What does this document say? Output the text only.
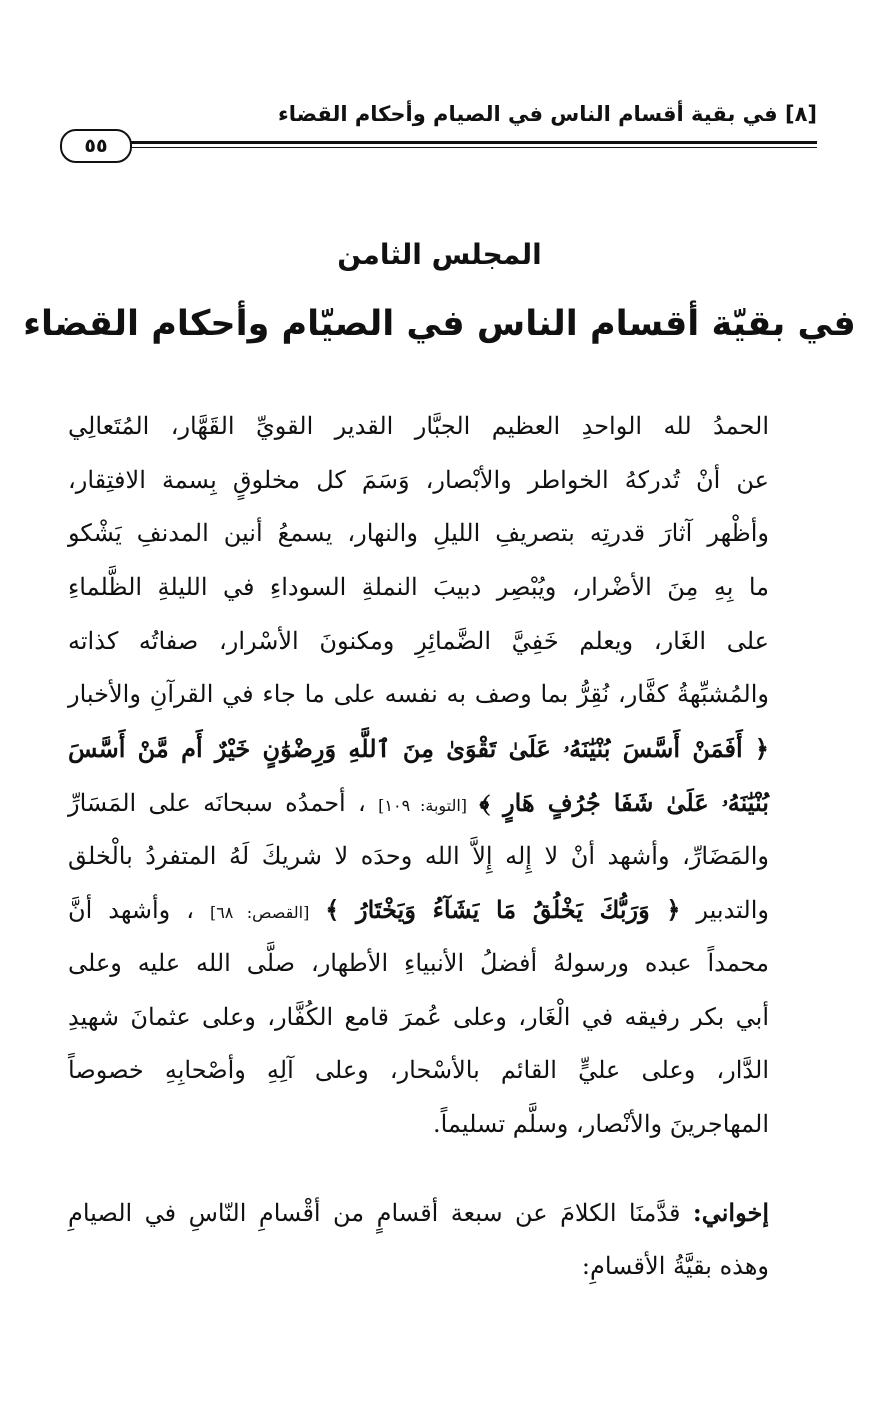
[٨] في بقية أقسام الناس في الصيام وأحكام القضاء
٥٥
المجلس الثامن
في بقيّة أقسام الناس في الصيّام وأحكام القضاء
الحمدُ لله الواحدِ العظيم الجبَّار القدير القويِّ القَهَّار، المُتَعالِي
عن أنْ تُدركهُ الخواطر والأبْصار، وَسَمَ كل مخلوقٍ بِسمة الافتِقار،
وأظْهر آثارَ قدرتِه بتصريفِ الليلِ والنهار، يسمعُ أنين المدنفِ يَشْكو
ما بِهِ مِنَ الأضْرار، ويُبْصِر دبيبَ النملةِ السوداءِ في الليلةِ الظَّلماءِ
على الغَار، ويعلم خَفِيَّ الضَّمائِرِ ومكنونَ الأسْرار، صفاتُه كذاته
والمُشبِّهةُ كفَّار، نُقِرُّ بما وصف به نفسه على ما جاء في القرآنِ والأخبار
﴿ أَفَمَنْ أَسَّسَ بُنْيَٰنَهُۥ عَلَىٰ تَقْوَىٰ مِنَ ٱللَّهِ وَرِضْوَٰنٍ خَيْرٌ أَم مَّنْ أَسَّسَ
بُنْيَٰنَهُۥ عَلَىٰ شَفَا جُرُفٍ هَارٍ ﴾ [التوبة: ١٠٩] ، أحمدُه سبحانَه على المَسَارِّ
والمَضَارِّ، وأشهد أنْ لا إِله إِلاَّ الله وحدَه لا شريكَ لَهُ المتفردُ بالْخلق
والتدبير ﴿ وَرَبُّكَ يَخْلُقُ مَا يَشَآءُ وَيَخْتَارُ ﴾ [القصص: ٦٨] ، وأشهد أنَّ
محمداً عبده ورسولهُ أفضلُ الأنبياءِ الأطهار، صلَّى الله عليه وعلى
أبي بكر رفيقه في الْغَار، وعلى عُمرَ قامع الكُفَّار، وعلى عثمانَ شهيدِ
الدَّار، وعلى عليٍّ القائم بالأسْحار، وعلى آلِهِ وأصْحابِهِ خصوصاً
المهاجرينَ والأنْصار، وسلَّم تسليماً.
إخواني: قدَّمنَا الكلامَ عن سبعة أقسامٍ من أقْسامِ النّاسِ في الصيامِ
وهذه بقيَّةُ الأقسامِ:
